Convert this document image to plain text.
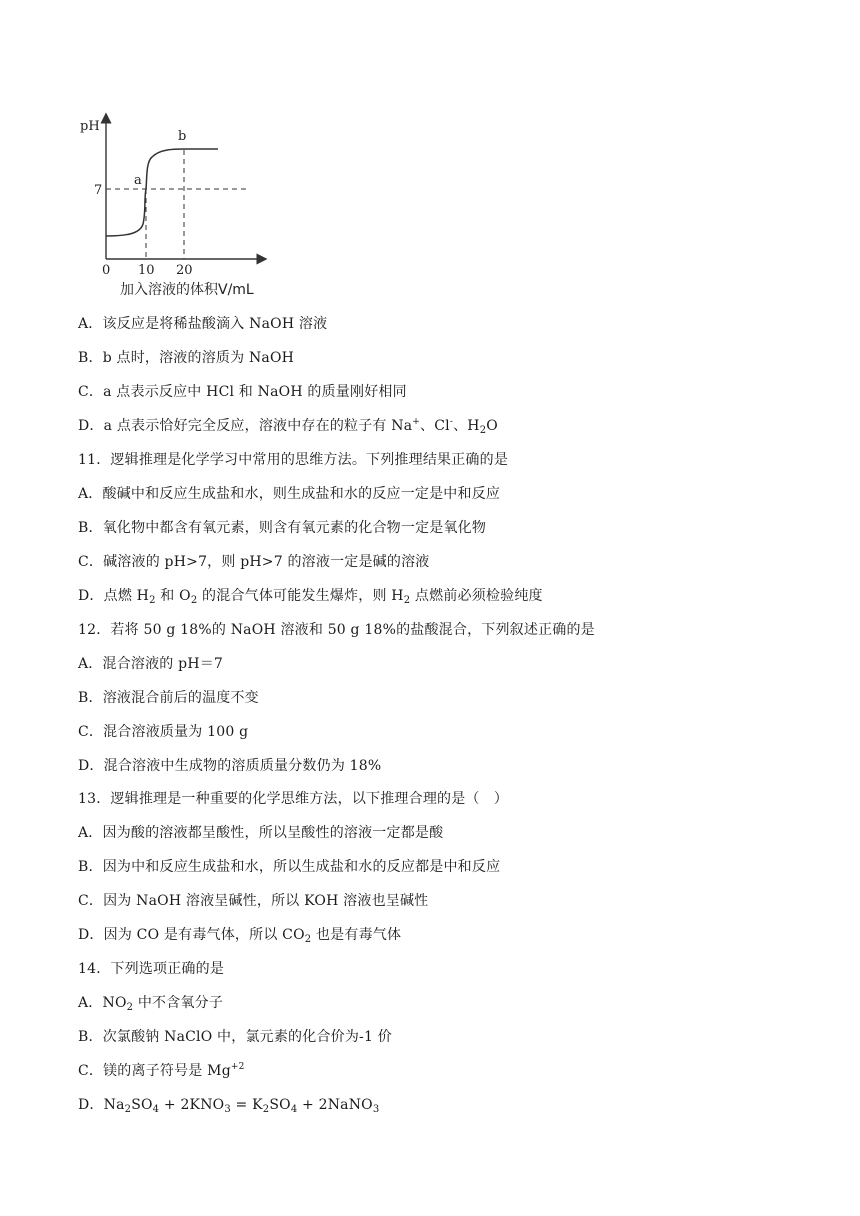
pH
7
a
b
0 10 20
加入溶液的体积V/mL
A．该反应是将稀盐酸滴入 NaOH 溶液
B．b 点时，溶液的溶质为 NaOH
C．a 点表示反应中 HCl 和 NaOH 的质量刚好相同
D．a 点表示恰好完全反应，溶液中存在的粒子有 Na+、Cl-、$H_2O$
11．逻辑推理是化学学习中常用的思维方法。下列推理结果正确的是
A．酸碱中和反应生成盐和水，则生成盐和水的反应一定是中和反应
B．氧化物中都含有氧元素，则含有氧元素的化合物一定是氧化物
C．碱溶液的 pH>7，则 pH>7 的溶液一定是碱的溶液
D．点燃 $H_2$ 和 $O_2$ 的混合气体可能发生爆炸，则 $H_2$ 点燃前必须检验纯度
12．若将 50 g 18%的 NaOH 溶液和 50 g 18%的盐酸混合，下列叙述正确的是
A．混合溶液的 pH＝7
B．溶液混合前后的温度不变
C．混合溶液质量为 100 g
D．混合溶液中生成物的溶质质量分数仍为 18%
13．逻辑推理是一种重要的化学思维方法，以下推理合理的是（　）
A．因为酸的溶液都呈酸性，所以呈酸性的溶液一定都是酸
B．因为中和反应生成盐和水，所以生成盐和水的反应都是中和反应
C．因为 NaOH 溶液呈碱性，所以 KOH 溶液也呈碱性
D．因为 CO 是有毒气体，所以 $CO_2$ 也是有毒气体
14．下列选项正确的是
A．$NO_2$ 中不含氧分子
B．次氯酸钠 NaClO 中，氯元素的化合价为-1 价
C．镁的离子符号是 $Mg^{+2}$
D．$Na_2SO_4 + 2KNO_3 = K_2SO_4$ + 2NaNO$_3$
